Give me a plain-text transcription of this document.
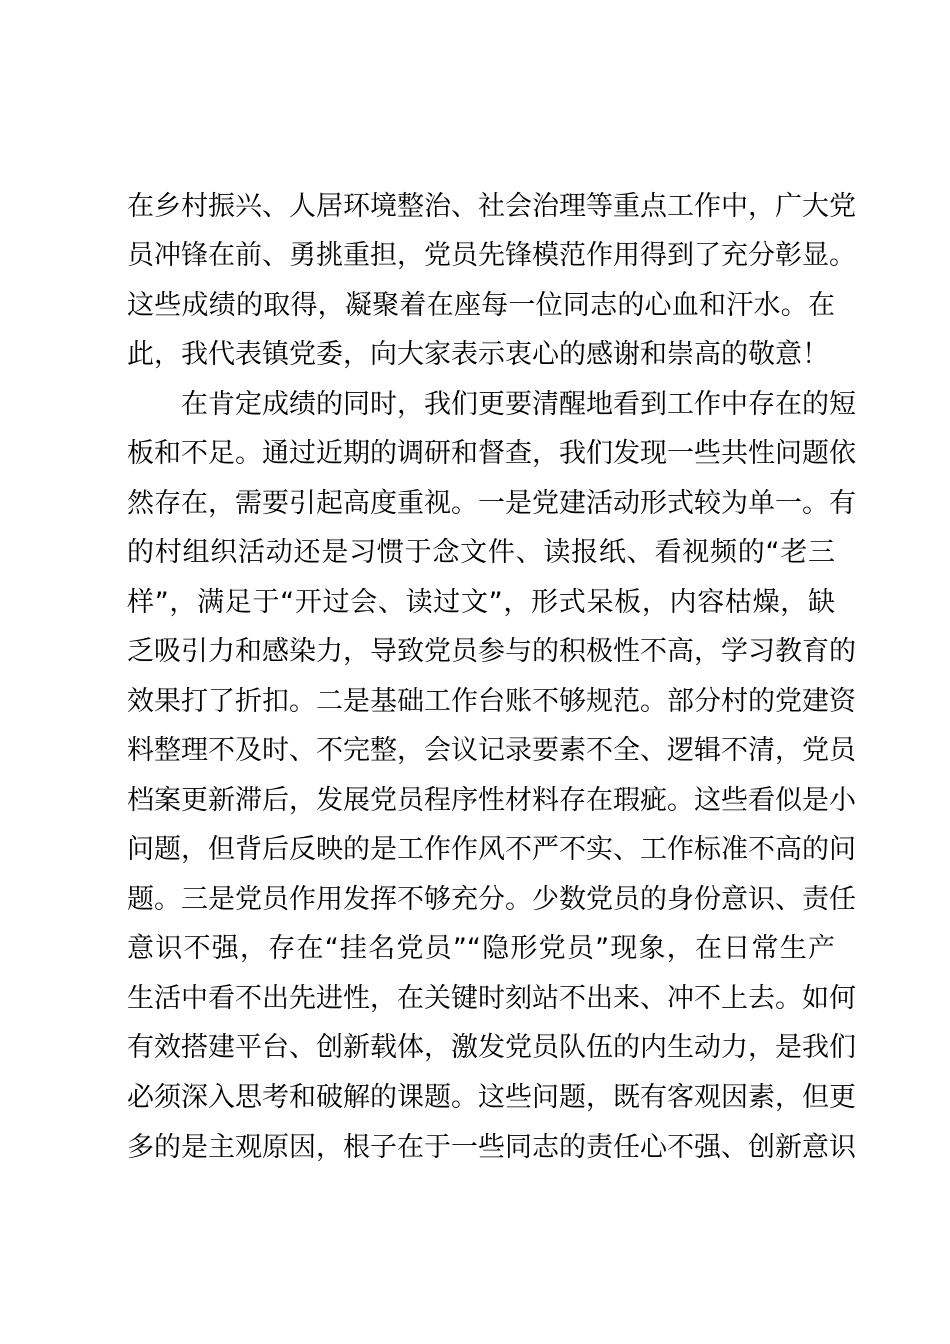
在乡村振兴、人居环境整治、社会治理等重点工作中，广大党
员冲锋在前、勇挑重担，党员先锋模范作用得到了充分彰显。
这些成绩的取得，凝聚着在座每一位同志的心血和汗水。在
此，我代表镇党委，向大家表示衷心的感谢和崇高的敬意！
在肯定成绩的同时，我们更要清醒地看到工作中存在的短
板和不足。通过近期的调研和督查，我们发现一些共性问题依
然存在，需要引起高度重视。一是党建活动形式较为单一。有
的村组织活动还是习惯于念文件、读报纸、看视频的“老三
样”，满足于“开过会、读过文”，形式呆板，内容枯燥，缺
乏吸引力和感染力，导致党员参与的积极性不高，学习教育的
效果打了折扣。二是基础工作台账不够规范。部分村的党建资
料整理不及时、不完整，会议记录要素不全、逻辑不清，党员
档案更新滞后，发展党员程序性材料存在瑕疵。这些看似是小
问题，但背后反映的是工作作风不严不实、工作标准不高的问
题。三是党员作用发挥不够充分。少数党员的身份意识、责任
意识不强，存在“挂名党员”“隐形党员”现象，在日常生产
生活中看不出先进性，在关键时刻站不出来、冲不上去。如何
有效搭建平台、创新载体，激发党员队伍的内生动力，是我们
必须深入思考和破解的课题。这些问题，既有客观因素，但更
多的是主观原因，根子在于一些同志的责任心不强、创新意识
